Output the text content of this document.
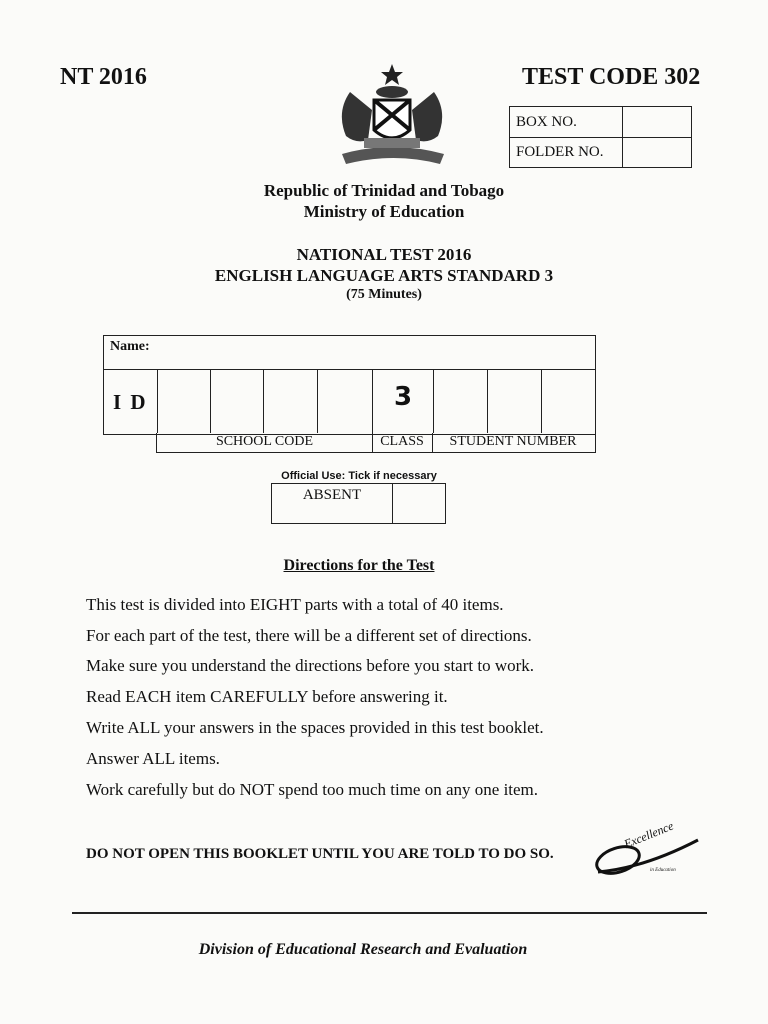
NT 2016	TEST CODE 302
BOX NO.	
FOLDER NO.	
Republic of Trinidad and Tobago
Ministry of Education
NATIONAL TEST 2016
ENGLISH LANGUAGE ARTS STANDARD 3
(75 Minutes)
Name:
I D	3
SCHOOL CODE	CLASS	STUDENT NUMBER
Official Use: Tick if necessary
ABSENT	
Directions for the Test
This test is divided into EIGHT parts with a total of 40 items.
For each part of the test, there will be a different set of directions.
Make sure you understand the directions before you start to work.
Read EACH item CAREFULLY before answering it.
Write ALL your answers in the spaces provided in this test booklet.
Answer ALL items.
Work carefully but do NOT spend too much time on any one item.
DO NOT OPEN THIS BOOKLET UNTIL YOU ARE TOLD TO DO SO.
Excellence
in Education
Division of Educational Research and Evaluation
